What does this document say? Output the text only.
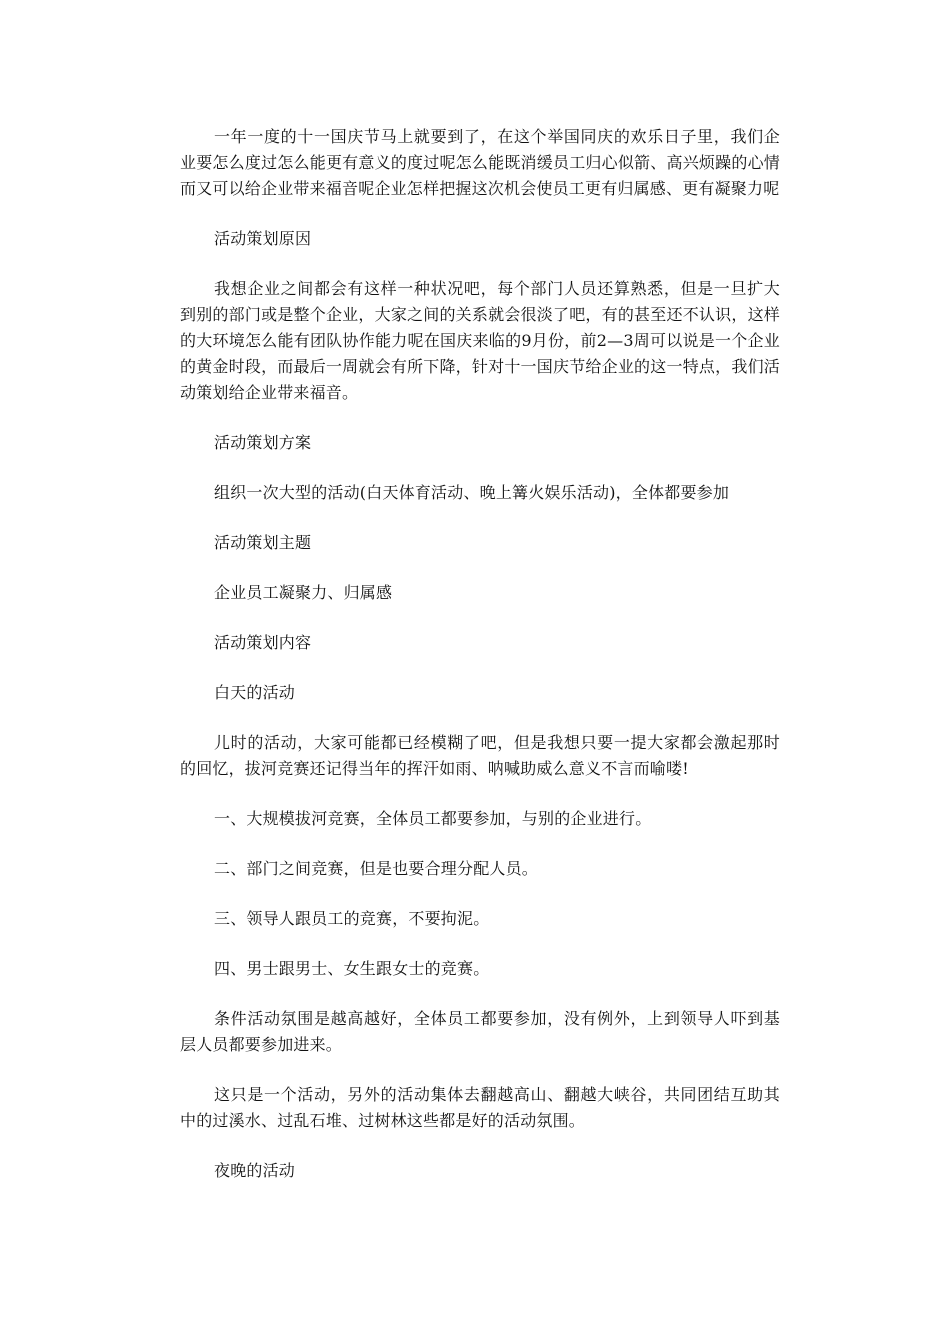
一年一度的十一国庆节马上就要到了，在这个举国同庆的欢乐日子里，我们企业要怎么度过怎么能更有意义的度过呢怎么能既消缓员工归心似箭、高兴烦躁的心情而又可以给企业带来福音呢企业怎样把握这次机会使员工更有归属感、更有凝聚力呢

活动策划原因

我想企业之间都会有这样一种状况吧，每个部门人员还算熟悉，但是一旦扩大到别的部门或是整个企业，大家之间的关系就会很淡了吧，有的甚至还不认识，这样的大环境怎么能有团队协作能力呢在国庆来临的9月份，前2—3周可以说是一个企业的黄金时段，而最后一周就会有所下降，针对十一国庆节给企业的这一特点，我们活动策划给企业带来福音。

活动策划方案

组织一次大型的活动(白天体育活动、晚上篝火娱乐活动)，全体都要参加

活动策划主题

企业员工凝聚力、归属感

活动策划内容

白天的活动

儿时的活动，大家可能都已经模糊了吧，但是我想只要一提大家都会激起那时的回忆，拔河竞赛还记得当年的挥汗如雨、呐喊助威么意义不言而喻喽!

一、大规模拔河竞赛，全体员工都要参加，与别的企业进行。

二、部门之间竞赛，但是也要合理分配人员。

三、领导人跟员工的竞赛，不要拘泥。

四、男士跟男士、女生跟女士的竞赛。

条件活动氛围是越高越好，全体员工都要参加，没有例外，上到领导人吓到基层人员都要参加进来。

这只是一个活动，另外的活动集体去翻越高山、翻越大峡谷，共同团结互助其中的过溪水、过乱石堆、过树林这些都是好的活动氛围。

夜晚的活动
